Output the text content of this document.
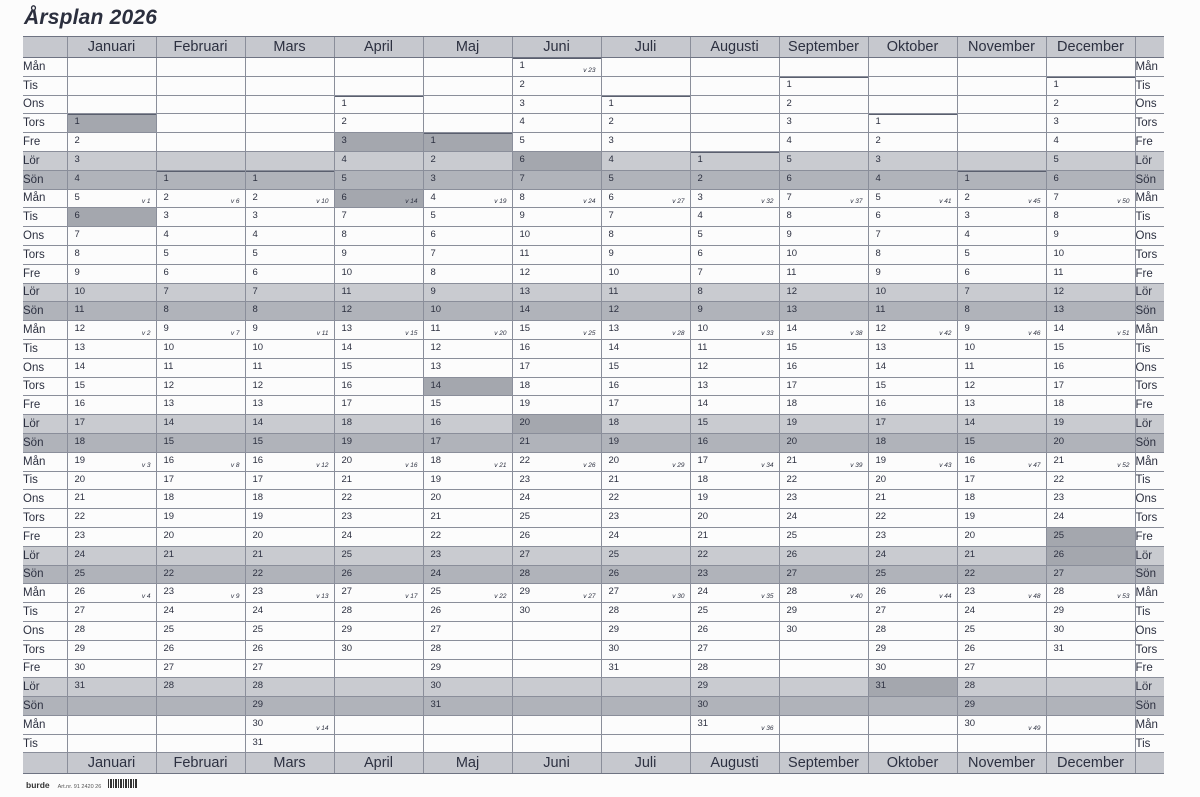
Årsplan 2026
	Januari	Februari	Mars	April	Maj	Juni	Juli	Augusti	September	Oktober	November	December	
Mån						1 v 23							Mån
Tis						2			1			1	Tis
Ons				1		3	1		2			2	Ons
Tors	1			2		4	2		3	1		3	Tors
Fre	2			3	1	5	3		4	2		4	Fre
Lör	3			4	2	6	4	1	5	3		5	Lör
Sön	4	1	1	5	3	7	5	2	6	4	1	6	Sön
Mån	5 v 1	2 v 6	2 v 10	6 v 14	4 v 19	8 v 24	6 v 27	3 v 32	7 v 37	5 v 41	2 v 45	7 v 50	Mån
Tis	6	3	3	7	5	9	7	4	8	6	3	8	Tis
Ons	7	4	4	8	6	10	8	5	9	7	4	9	Ons
Tors	8	5	5	9	7	11	9	6	10	8	5	10	Tors
Fre	9	6	6	10	8	12	10	7	11	9	6	11	Fre
Lör	10	7	7	11	9	13	11	8	12	10	7	12	Lör
Sön	11	8	8	12	10	14	12	9	13	11	8	13	Sön
Mån	12 v 2	9 v 7	9 v 11	13 v 15	11 v 20	15 v 25	13 v 28	10 v 33	14 v 38	12 v 42	9 v 46	14 v 51	Mån
Tis	13	10	10	14	12	16	14	11	15	13	10	15	Tis
Ons	14	11	11	15	13	17	15	12	16	14	11	16	Ons
Tors	15	12	12	16	14	18	16	13	17	15	12	17	Tors
Fre	16	13	13	17	15	19	17	14	18	16	13	18	Fre
Lör	17	14	14	18	16	20	18	15	19	17	14	19	Lör
Sön	18	15	15	19	17	21	19	16	20	18	15	20	Sön
Mån	19 v 3	16 v 8	16 v 12	20 v 16	18 v 21	22 v 26	20 v 29	17 v 34	21 v 39	19 v 43	16 v 47	21 v 52	Mån
Tis	20	17	17	21	19	23	21	18	22	20	17	22	Tis
Ons	21	18	18	22	20	24	22	19	23	21	18	23	Ons
Tors	22	19	19	23	21	25	23	20	24	22	19	24	Tors
Fre	23	20	20	24	22	26	24	21	25	23	20	25	Fre
Lör	24	21	21	25	23	27	25	22	26	24	21	26	Lör
Sön	25	22	22	26	24	28	26	23	27	25	22	27	Sön
Mån	26 v 4	23 v 9	23 v 13	27 v 17	25 v 22	29 v 27	27 v 30	24 v 35	28 v 40	26 v 44	23 v 48	28 v 53	Mån
Tis	27	24	24	28	26	30	28	25	29	27	24	29	Tis
Ons	28	25	25	29	27		29	26	30	28	25	30	Ons
Tors	29	26	26	30	28		30	27		29	26	31	Tors
Fre	30	27	27		29		31	28		30	27		Fre
Lör	31	28	28		30			29		31	28		Lör
Sön			29		31			30			29		Sön
Mån			30 v 14					31 v 36			30 v 49		Mån
Tis			31										Tis
	Januari	Februari	Mars	April	Maj	Juni	Juli	Augusti	September	Oktober	November	December	
burde Art.nr. 91 2420 26
